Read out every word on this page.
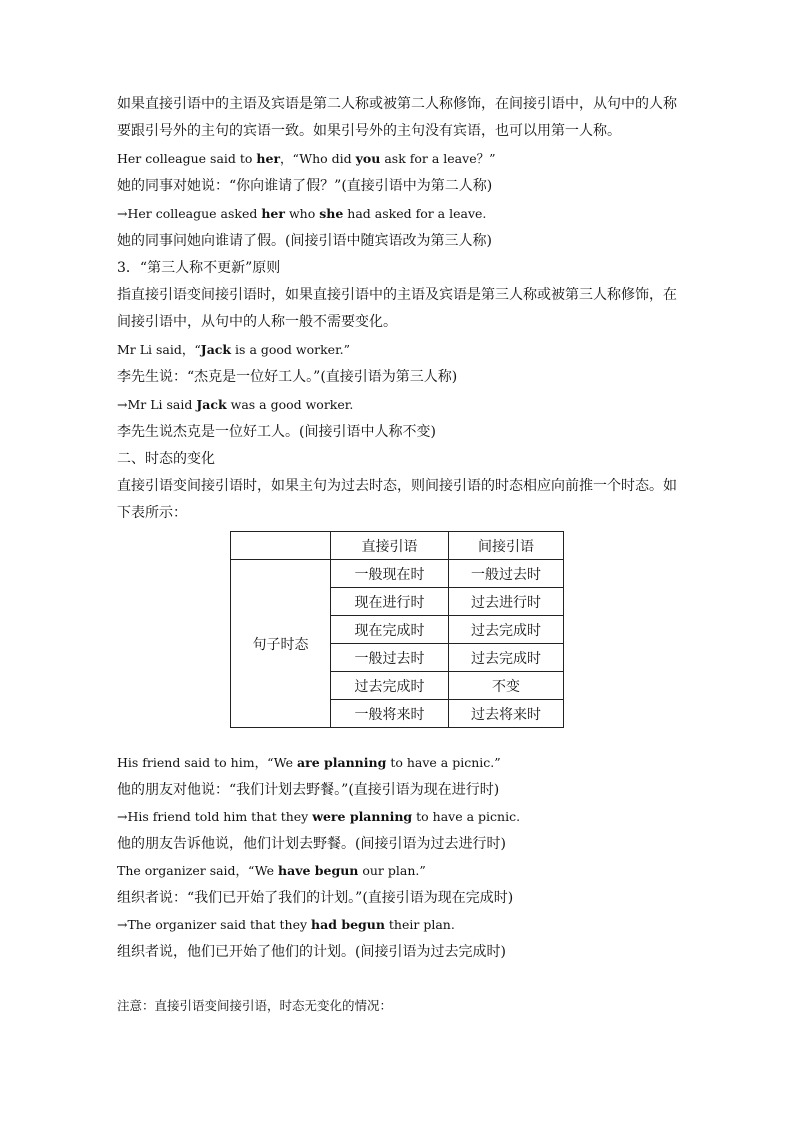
如果直接引语中的主语及宾语是第二人称或被第二人称修饰，在间接引语中，从句中的人称
要跟引号外的主句的宾语一致。如果引号外的主句没有宾语，也可以用第一人称。
Her colleague said to her，“Who did you ask for a leave？”
她的同事对她说：“你向谁请了假？”(直接引语中为第二人称)
→Her colleague asked her who she had asked for a leave.
她的同事问她向谁请了假。(间接引语中随宾语改为第三人称)
3．“第三人称不更新”原则
指直接引语变间接引语时，如果直接引语中的主语及宾语是第三人称或被第三人称修饰，在
间接引语中，从句中的人称一般不需要变化。
Mr Li said，“Jack is a good worker.”
李先生说：“杰克是一位好工人。”(直接引语为第三人称)
→Mr Li said Jack was a good worker.
李先生说杰克是一位好工人。(间接引语中人称不变)
二、时态的变化
直接引语变间接引语时，如果主句为过去时态，则间接引语的时态相应向前推一个时态。如
下表所示：
	直接引语	间接引语
句子时态	一般现在时	一般过去时
	现在进行时	过去进行时
	现在完成时	过去完成时
	一般过去时	过去完成时
	过去完成时	不变
	一般将来时	过去将来时
His friend said to him，“We are planning to have a picnic.”
他的朋友对他说：“我们计划去野餐。”(直接引语为现在进行时)
→His friend told him that they were planning to have a picnic.
他的朋友告诉他说，他们计划去野餐。(间接引语为过去进行时)
The organizer said，“We have begun our plan.”
组织者说：“我们已开始了我们的计划。”(直接引语为现在完成时)
→The organizer said that they had begun their plan.
组织者说，他们已开始了他们的计划。(间接引语为过去完成时)
注意：直接引语变间接引语，时态无变化的情况：
